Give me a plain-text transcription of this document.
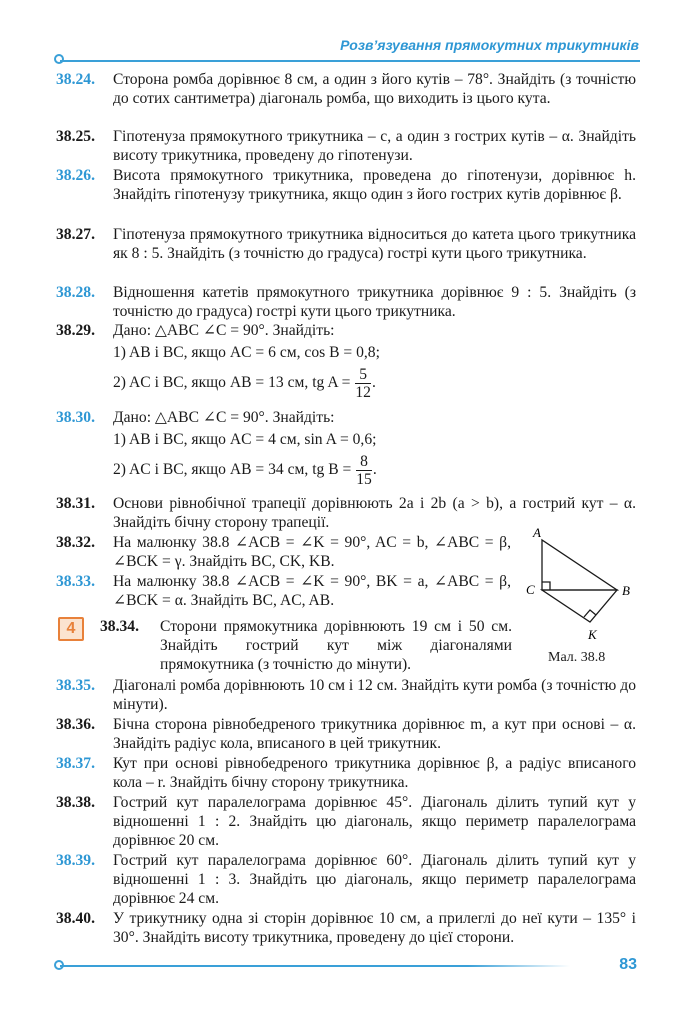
Розв’язування прямокутних трикутників
38.24.	Сторона ромба дорівнює 8 см, а один з його кутів – 78°. Знайдіть (з точністю до сотих сантиметра) діагональ ромба, що виходить із цього кута.
38.25.	Гіпотенуза прямокутного трикутника – c, а один з гострих кутів – α. Знайдіть висоту трикутника, проведену до гіпотенузи.
38.26.	Висота прямокутного трикутника, проведена до гіпотенузи, дорівнює h. Знайдіть гіпотенузу трикутника, якщо один з його гострих кутів дорівнює β.
38.27.	Гіпотенуза прямокутного трикутника відноситься до катета цього трикутника як 8 : 5. Знайдіть (з точністю до градуса) гострі кути цього трикутника.
38.28.	Відношення катетів прямокутного трикутника дорівнює 9 : 5. Знайдіть (з точністю до градуса) гострі кути цього трикутника.
38.29.	Дано: △ABC ∠C = 90°. Знайдіть:
1) AB і BC, якщо AC = 6 см, cos B = 0,8;
2) AC і BC, якщо AB = 13 см, tg $A = \frac{5}{12}$ .
38.30.	Дано: △ABC ∠C = 90°. Знайдіть:
1) AB і BC, якщо AC = 4 см, sin A = 0,6;
2) AC і BC, якщо AB = 34 см, tg $B = \frac{8}{15}$ .
38.31.	Основи рівнобічної трапеції дорівнюють 2a і 2b (a > b), а гострий кут – α. Знайдіть бічну сторону трапеції.
38.32.	На малюнку 38.8 ∠ACB = ∠K = 90°, AC = b, ∠ABC = β, ∠BCK = γ. Знайдіть BC, CK, KB.
38.33.	На малюнку 38.8 ∠ACB = ∠K = 90°, BK = a, ∠ABC = β, ∠BCK = α. Знайдіть BC, AC, AB.
4	38.34.	Сторони прямокутника дорівнюють 19 см і 50 см. Знайдіть гострий кут між діагоналями прямокутника (з точністю до мінути).
A
C	B
K
Мал. 38.8
38.35.	Діагоналі ромба дорівнюють 10 см і 12 см. Знайдіть кути ромба (з точністю до мінути).
38.36.	Бічна сторона рівнобедреного трикутника дорівнює m, а кут при основі – α. Знайдіть радіус кола, вписаного в цей трикутник.
38.37.	Кут при основі рівнобедреного трикутника дорівнює β, а радіус вписаного кола – r. Знайдіть бічну сторону трикутника.
38.38.	Гострий кут паралелограма дорівнює 45°. Діагональ ділить тупий кут у відношенні 1 : 2. Знайдіть цю діагональ, якщо периметр паралелограма дорівнює 20 см.
38.39.	Гострий кут паралелограма дорівнює 60°. Діагональ ділить тупий кут у відношенні 1 : 3. Знайдіть цю діагональ, якщо периметр паралелограма дорівнює 24 см.
38.40.	У трикутнику одна зі сторін дорівнює 10 см, а прилеглі до неї кути – 135° і 30°. Знайдіть висоту трикутника, проведену до цієї сторони.
83
